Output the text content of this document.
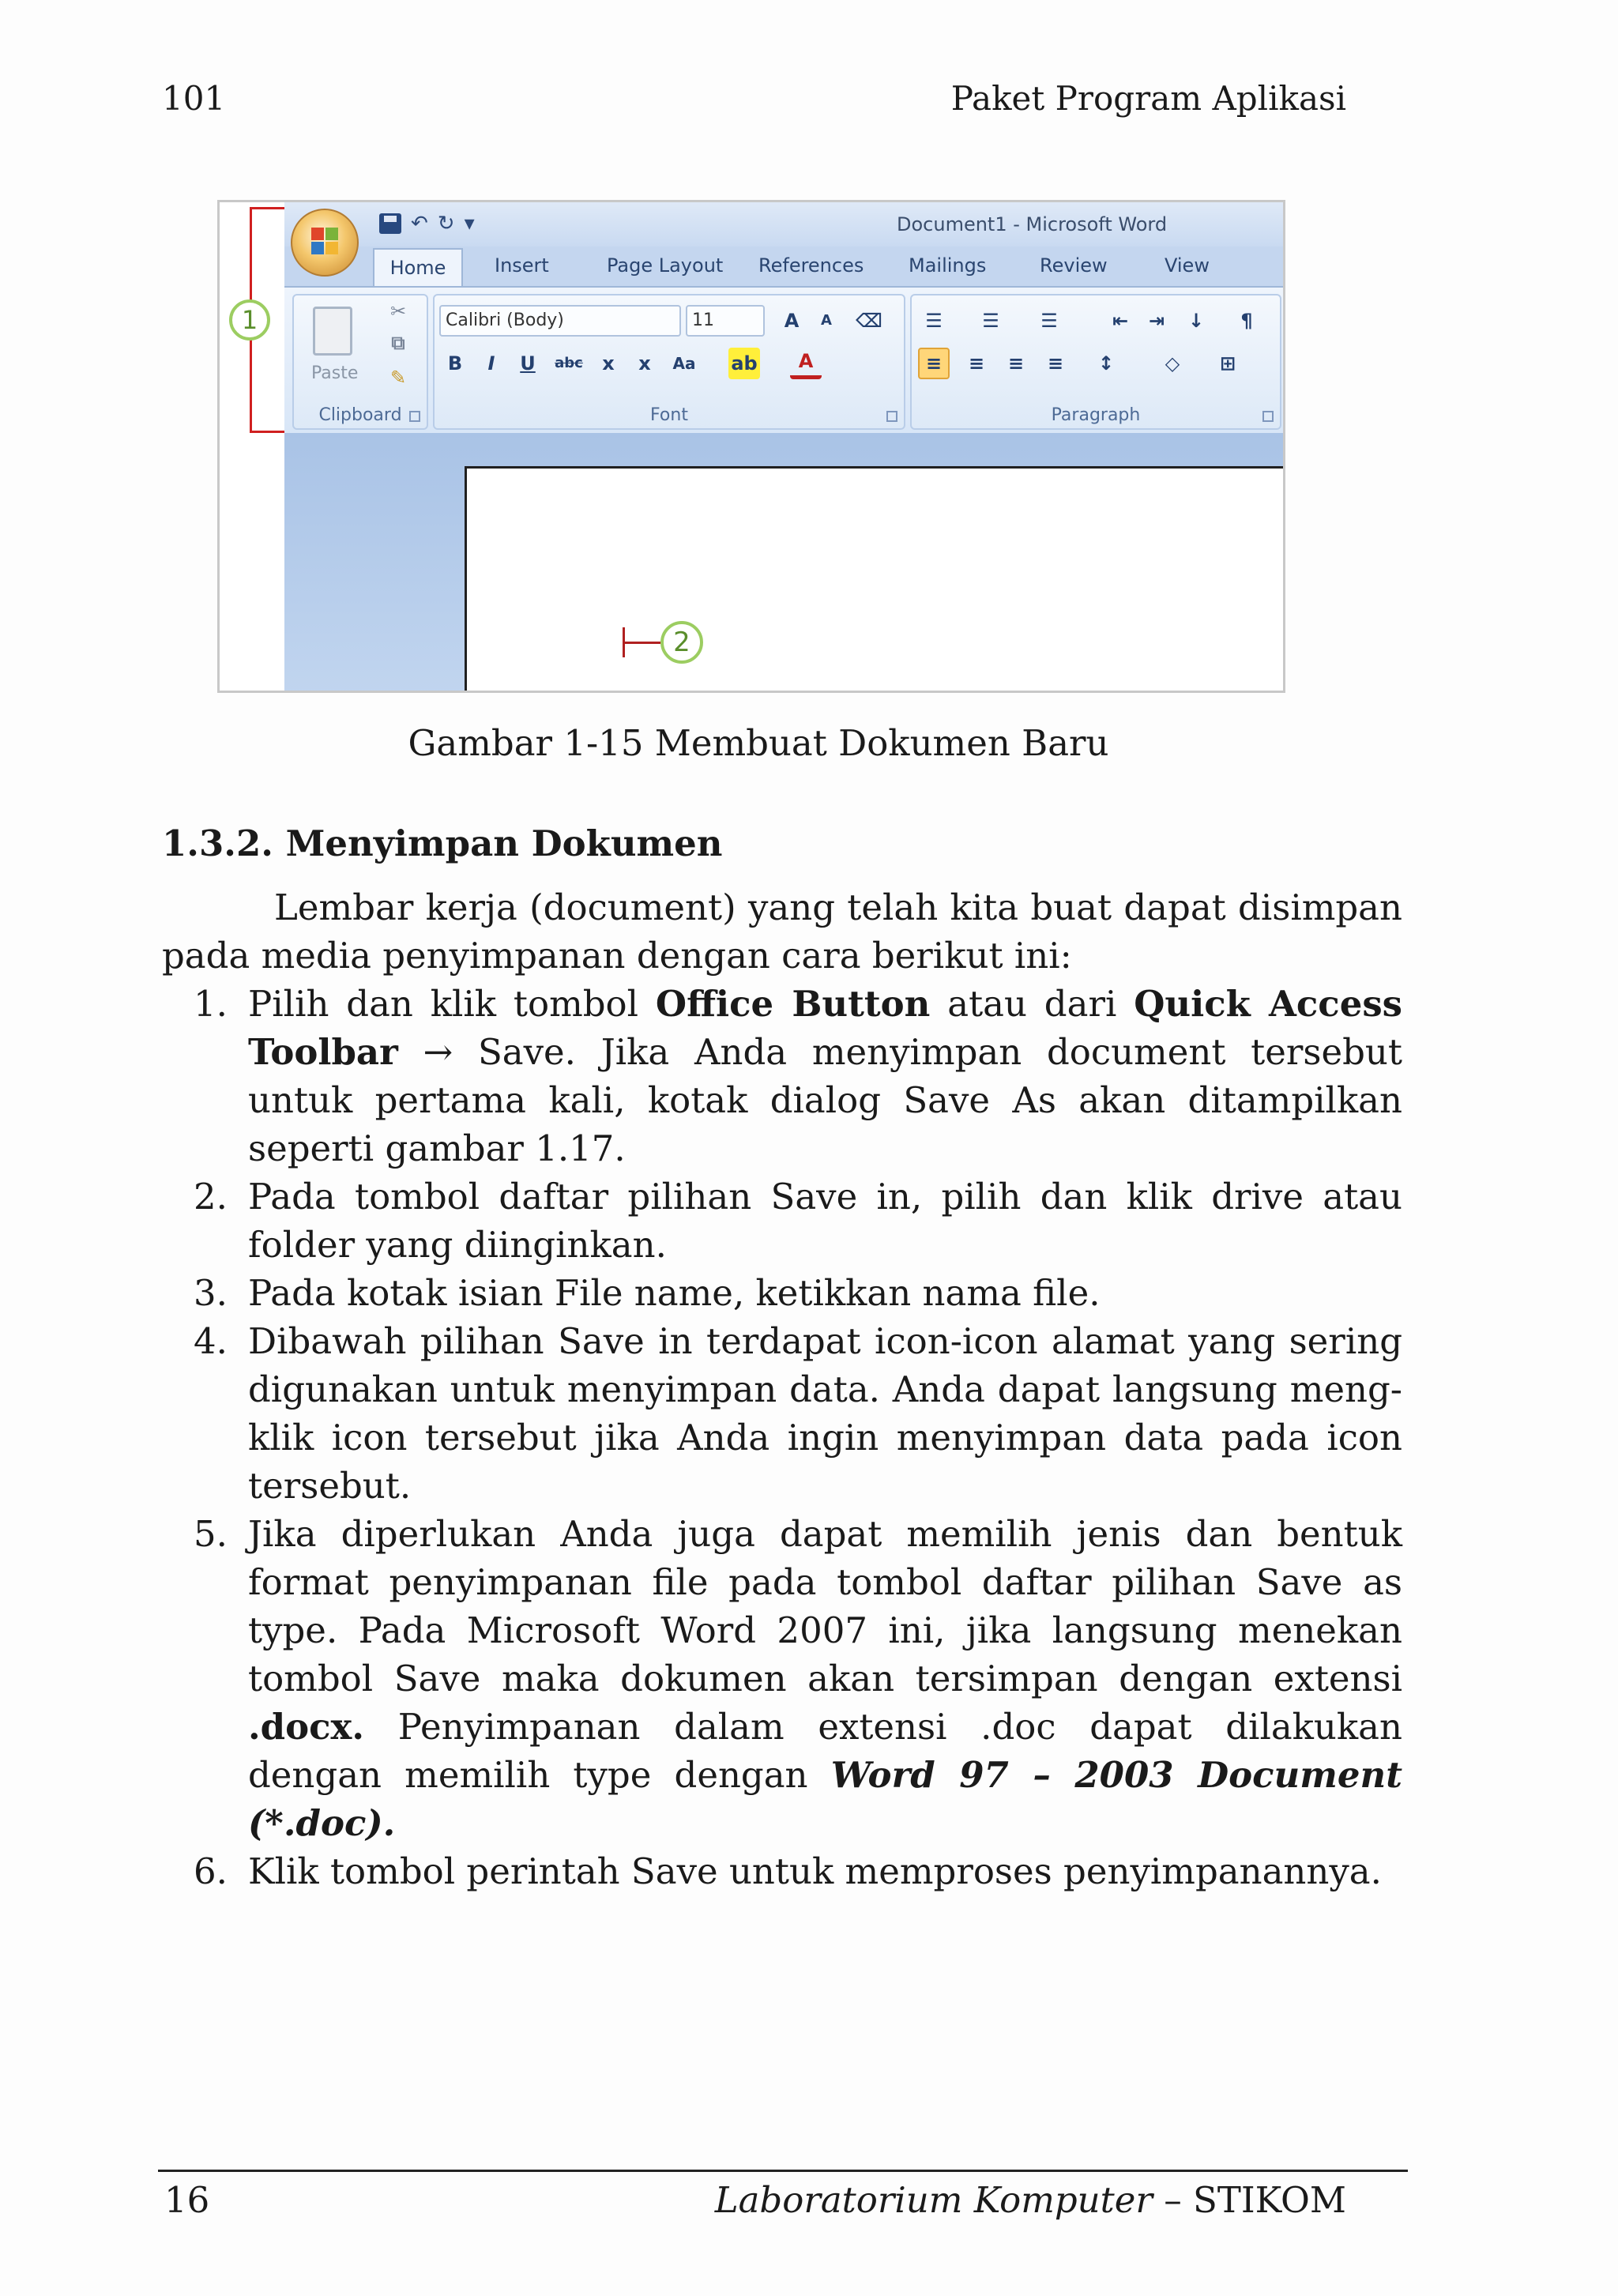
101	Paket Program Aplikasi
1
↶ ↻ ▾	Document1 - Microsoft Word
Home	Insert	Page Layout References Mailings	Review	View
Paste
✂
⧉
✎
Clipboard
Calibri (Body)	11	A	A	⌫
B	I	U	abc	x	x	Aa ab	A
Font
☰	☰	☰	⇤	⇥	↓	¶
≡	≡	≡	≡	↕	◇	⊞
Paragraph
2
Gambar 1-15 Membuat Dokumen Baru
1.3.2. Menyimpan Dokumen

Lembar kerja (document) yang telah kita buat dapat disimpan pada media penyimpanan dengan cara berikut ini:

1. Pilih dan klik tombol Office Button atau dari Quick Access Toolbar → Save. Jika Anda menyimpan document tersebut untuk pertama kali, kotak dialog Save As akan ditampilkan seperti gambar 1.17.
2. Pada tombol daftar pilihan Save in, pilih dan klik drive atau folder yang diinginkan.
3. Pada kotak isian File name, ketikkan nama file.
4. Dibawah pilihan Save in terdapat icon-icon alamat yang sering digunakan untuk menyimpan data. Anda dapat langsung meng-klik icon tersebut jika Anda ingin menyimpan data pada icon tersebut.
5. Jika diperlukan Anda juga dapat memilih jenis dan bentuk format penyimpanan file pada tombol daftar pilihan Save as type. Pada Microsoft Word 2007 ini, jika langsung menekan tombol Save maka dokumen akan tersimpan dengan extensi .docx. Penyimpanan dalam extensi .doc dapat dilakukan dengan memilih type dengan Word 97 – 2003 Document (*.doc).
6. Klik tombol perintah Save untuk memproses penyimpanannya.
16	Laboratorium Komputer – STIKOM
